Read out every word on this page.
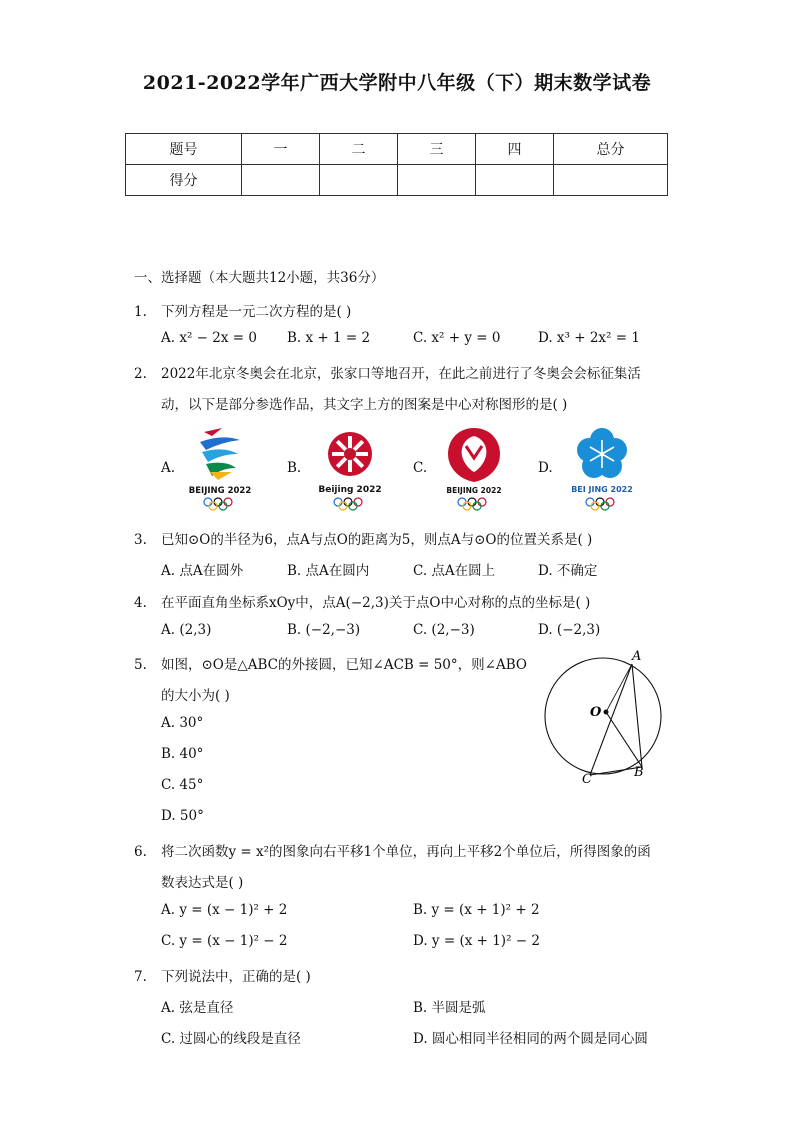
2021-2022学年广西大学附中八年级（下）期末数学试卷
题号	一	二	三	四	总分
得分					
一、选择题（本大题共12小题，共36分）
1. 下列方程是一元二次方程的是( )
A. x² − 2x = 0 B. x + 1 = 2	C. x² + y = 0	D. x³ + 2x² = 1
2. 2022年北京冬奥会在北京，张家口等地召开，在此之前进行了冬奥会会标征集活
动，以下是部分参选作品，其文字上方的图案是中心对称图形的是( )
A.	B.	C.	D.
BEIJING 2022	Beijing 2022	BEIJING 2022	BEI JING 2022
3. 已知⊙O的半径为6，点A与点O的距离为5，则点A与⊙O的位置关系是( )
A. 点A在圆外	B. 点A在圆内	C. 点A在圆上	D. 不确定
4. 在平面直角坐标系xOy中，点A(−2,3)关于点O中心对称的点的坐标是( )
A. (2,3)	B. (−2,−3)	C. (2,−3)	D. (−2,3)
5. 如图，⊙O是△ABC的外接圆，已知∠ACB = 50°，则∠ABO
的大小为( )
A. 30°
B. 40°
C. 45°
D. 50°
A
B
C
O
6. 将二次函数y = x²的图象向右平移1个单位，再向上平移2个单位后，所得图象的函
数表达式是( )
A. y = (x − 1)² + 2	B. y = (x + 1)² + 2
C. y = (x − 1)² − 2	D. y = (x + 1)² − 2
7. 下列说法中，正确的是( )
A. 弦是直径	B. 半圆是弧
C. 过圆心的线段是直径	D. 圆心相同半径相同的两个圆是同心圆
